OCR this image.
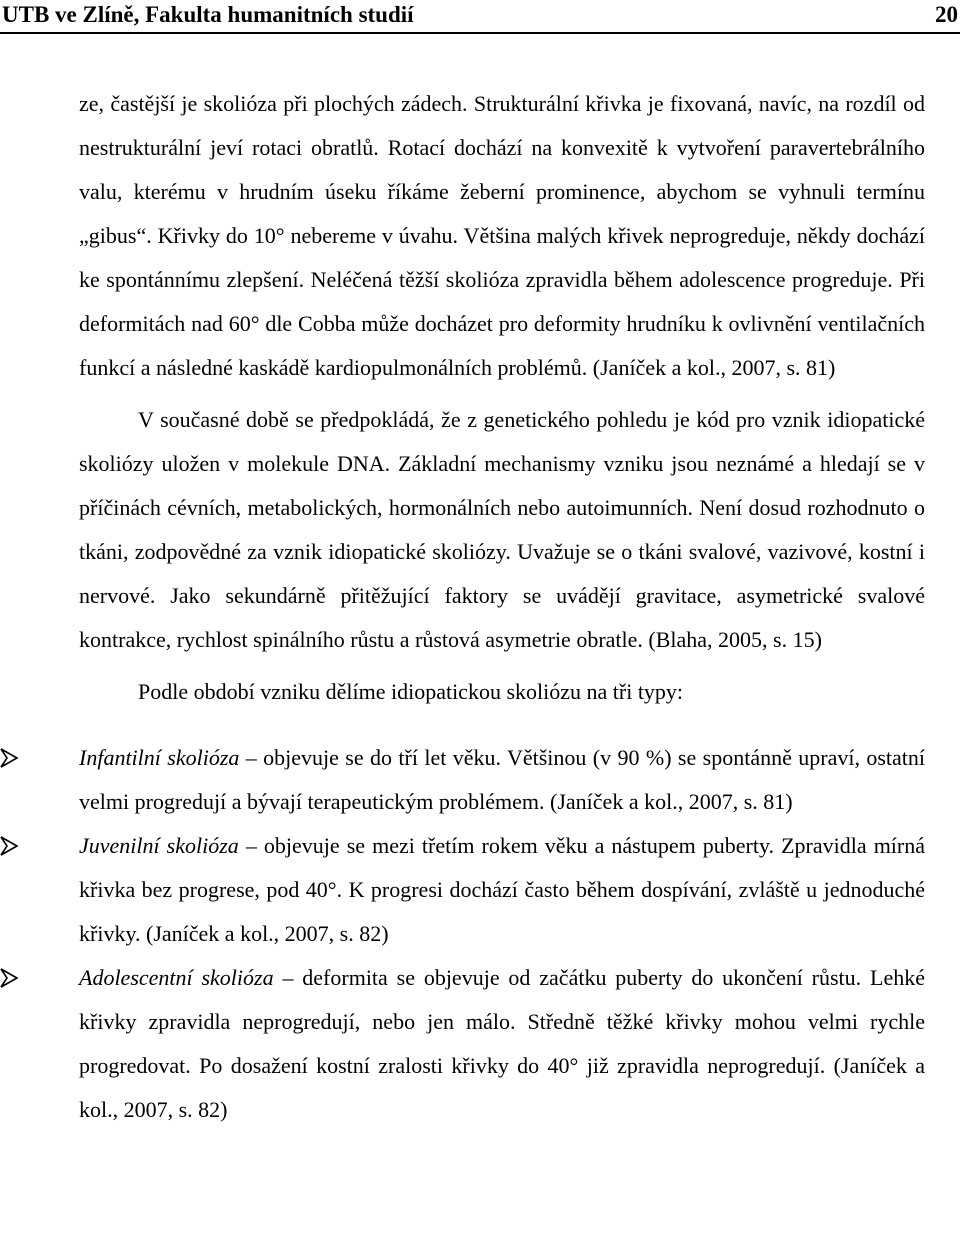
UTB ve Zlíně, Fakulta humanitních studií	20

ze, častější je skolióza při plochých zádech. Strukturální křivka je fixovaná, navíc, na rozdíl od nestrukturální jeví rotaci obratlů. Rotací dochází na konvexitě k vytvoření paravertebrálního valu, kterému v hrudním úseku říkáme žeberní prominence, abychom se vyhnuli termínu „gibus“. Křivky do 10° nebereme v úvahu. Většina malých křivek neprogreduje, někdy dochází ke spontánnímu zlepšení. Neléčená těžší skolióza zpravidla během adolescence progreduje. Při deformitách nad 60° dle Cobba může docházet pro deformity hrudníku k ovlivnění ventilačních funkcí a následné kaskádě kardiopulmonálních problémů. (Janíček a kol., 2007, s. 81)

V současné době se předpokládá, že z genetického pohledu je kód pro vznik idiopatické skoliózy uložen v molekule DNA. Základní mechanismy vzniku jsou neznámé a hledají se v příčinách cévních, metabolických, hormonálních nebo autoimunních. Není dosud rozhodnuto o tkáni, zodpovědné za vznik idiopatické skoliózy. Uvažuje se o tkáni svalové, vazivové, kostní i nervové. Jako sekundárně přitěžující faktory se uvádějí gravitace, asymetrické svalové kontrakce, rychlost spinálního růstu a růstová asymetrie obratle. (Blaha, 2005, s. 15)

Podle období vzniku dělíme idiopatickou skoliózu na tři typy:

Infantilní skolióza – objevuje se do tří let věku. Většinou (v 90 %) se spontánně upraví, ostatní velmi progredují a bývají terapeutickým problémem. (Janíček a kol., 2007, s. 81)
Juvenilní skolióza – objevuje se mezi třetím rokem věku a nástupem puberty. Zpravidla mírná křivka bez progrese, pod 40°. K progresi dochází často během dospívání, zvláště u jednoduché křivky. (Janíček a kol., 2007, s. 82)
Adolescentní skolióza – deformita se objevuje od začátku puberty do ukončení růstu. Lehké křivky zpravidla neprogredují, nebo jen málo. Středně těžké křivky mohou velmi rychle progredovat. Po dosažení kostní zralosti křivky do 40° již zpravidla neprogredují. (Janíček a kol., 2007, s. 82)
